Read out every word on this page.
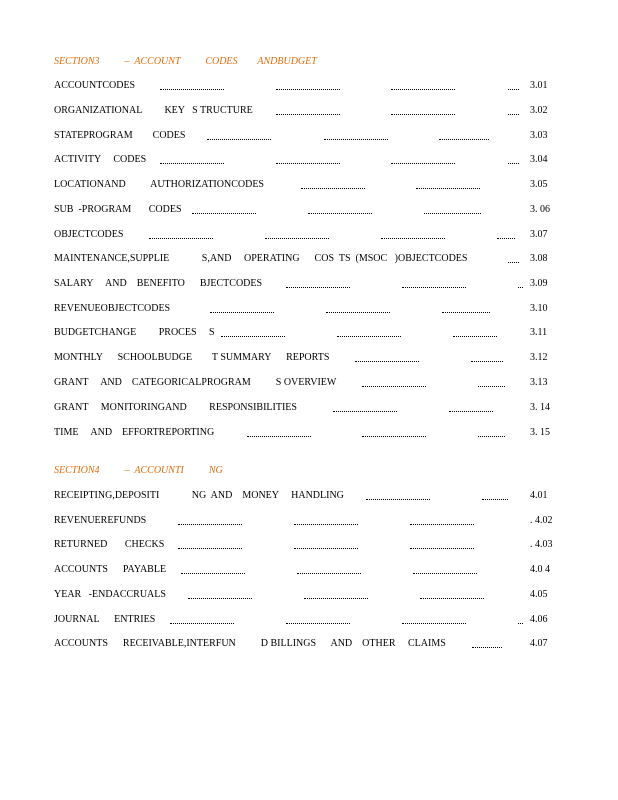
SECTION3          –  ACCOUNT          CODES        ANDBUDGET
ACCOUNTCODES	3.01
ORGANIZATIONAL         KEY   S TRUCTURE	3.02
STATEPROGRAM        CODES	3.03
ACTIVITY     CODES	3.04
LOCATIONAND          AUTHORIZATIONCODES	3.05
SUB  -PROGRAM       CODES	3. 06
OBJECTCODES	3.07
MAINTENANCE,SUPPLIE             S,AND     OPERATING      COS  TS  (MSOC   )OBJECTCODES	3.08
SALARY     AND    BENEFITO      BJECTCODES	3.09
REVENUEOBJECTCODES	3.10
BUDGETCHANGE         PROCES     S	3.11
MONTHLY      SCHOOLBUDGE        T SUMMARY      REPORTS	3.12
GRANT     AND    CATEGORICALPROGRAM          S OVERVIEW	3.13
GRANT     MONITORINGAND         RESPONSIBILITIES	3. 14
TIME     AND    EFFORTREPORTING	3. 15
SECTION4          –  ACCOUNTI          NG
RECEIPTING,DEPOSITI             NG  AND    MONEY     HANDLING	4.01
REVENUEREFUNDS	. 4.02
RETURNED       CHECKS	. 4.03
ACCOUNTS      PAYABLE	4.0 4
YEAR   -ENDACCRUALS	4.05
JOURNAL      ENTRIES	4.06
ACCOUNTS      RECEIVABLE,INTERFUN          D BILLINGS      AND    OTHER     CLAIMS	4.07
